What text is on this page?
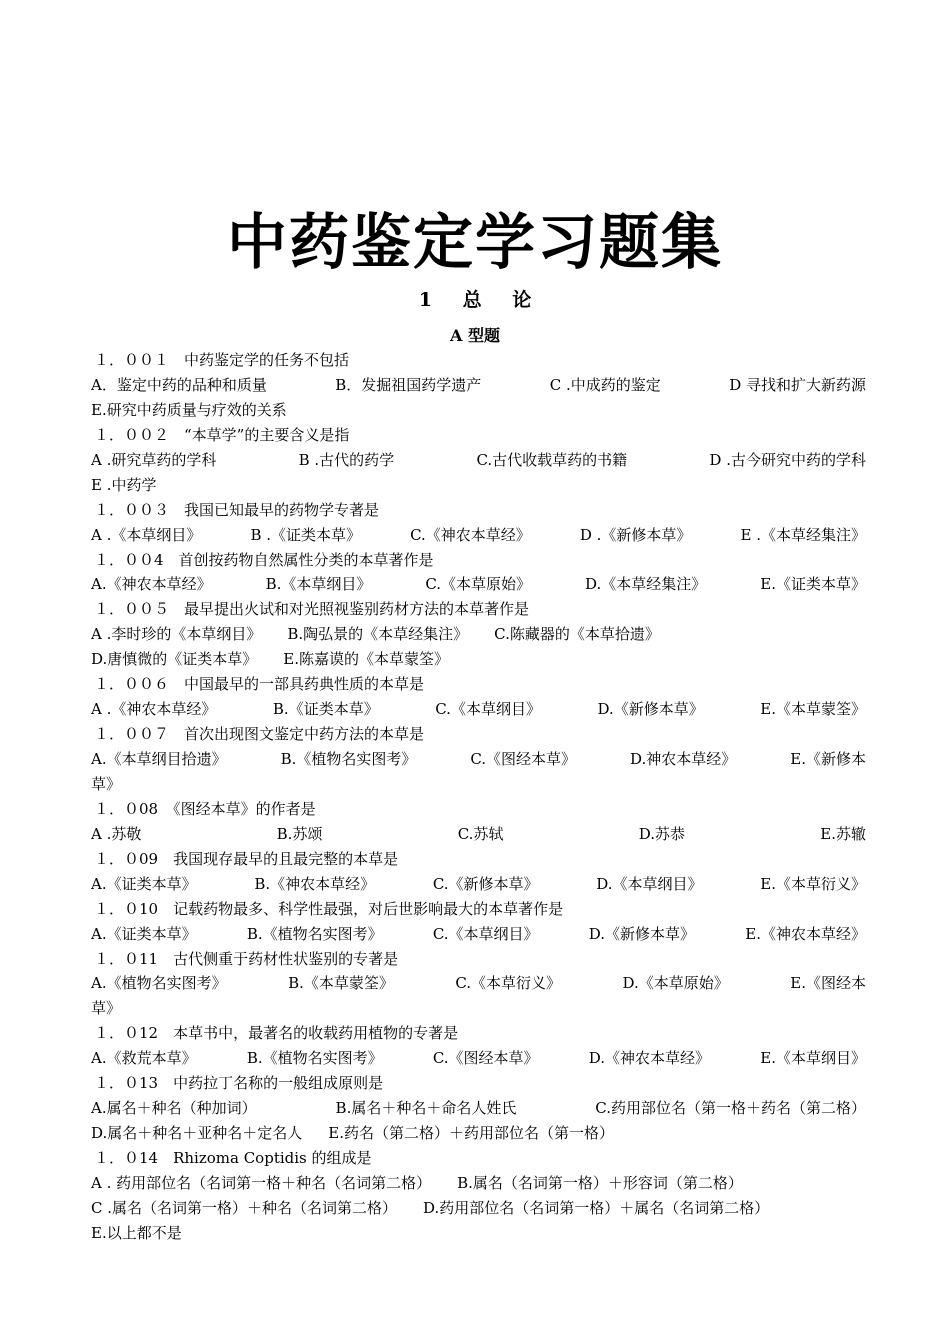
中药鉴定学习题集
1 总 论
A 型题
１．００１　中药鉴定学的任务不包括
A．鉴定中药的品种和质量	B．发掘祖国药学遗产	C .中成药的鉴定	D 寻找和扩大新药源
E.研究中药质量与疗效的关系
１．００２　“本草学”的主要含义是指
A .研究草药的学科	B .古代的药学	C.古代收载草药的书籍	D .古今研究中药的学科
E .中药学
１．００３　我国已知最早的药物学专著是
A .《本草纲目》	B .《证类本草》	C.《神农本草经》	D .《新修本草》	E .《本草经集注》
１．００4　首创按药物自然属性分类的本草著作是
A.《神农本草经》	B.《本草纲目》	C.《本草原始》	D.《本草经集注》	E.《证类本草》
１．００５　最早提出火试和对光照视鉴别药材方法的本草著作是
A .李时珍的《本草纲目》 B.陶弘景的《本草经集注》 C.陈藏器的《本草拾遗》
D.唐慎微的《证类本草》 E.陈嘉谟的《本草蒙筌》
１．００６　中国最早的一部具药典性质的本草是
A .《神农本草经》	B.《证类本草》	C.《本草纲目》	D.《新修本草》	E.《本草蒙筌》
１．００７　首次出现图文鉴定中药方法的本草是
A.《本草纲目拾遗》	B.《植物名实图考》	C.《图经本草》	D.神农本草经》	E.《新修本
草》
１．０08　《图经本草》的作者是
A .苏敬	B.苏颂	C.苏轼	D.苏恭	E.苏辙
１．０09　我国现存最早的且最完整的本草是
A.《证类本草》	B.《神农本草经》	C.《新修本草》	D.《本草纲目》	E.《本草衍义》
１．０10　记载药物最多、科学性最强，对后世影响最大的本草著作是
A.《证类本草》	B.《植物名实图考》	C.《本草纲目》	D.《新修本草》	E.《神农本草经》
１．０11　古代侧重于药材性状鉴别的专著是
A.《植物名实图考》	B.《本草蒙筌》	C.《本草衍义》	D.《本草原始》	E.《图经本
草》
１．０12　本草书中，最著名的收载药用植物的专著是
A.《救荒本草》	B.《植物名实图考》	C.《图经本草》	D.《神农本草经》	E.《本草纲目》
１．０13　中药拉丁名称的一般组成原则是
A.属名＋种名（种加词）	B.属名＋种名＋命名人姓氏	C.药用部位名（第一格＋药名（第二格）
D.属名＋种名＋亚种名＋定名人 E.药名（第二格）＋药用部位名（第一格）
１．０14　Rhizoma Coptidis 的组成是
A . 药用部位名（名词第一格＋种名（名词第二格） B.属名（名词第一格）＋形容词（第二格）
C .属名（名词第一格）＋种名（名词第二格） D.药用部位名（名词第一格）＋属名（名词第二格）
E.以上都不是
